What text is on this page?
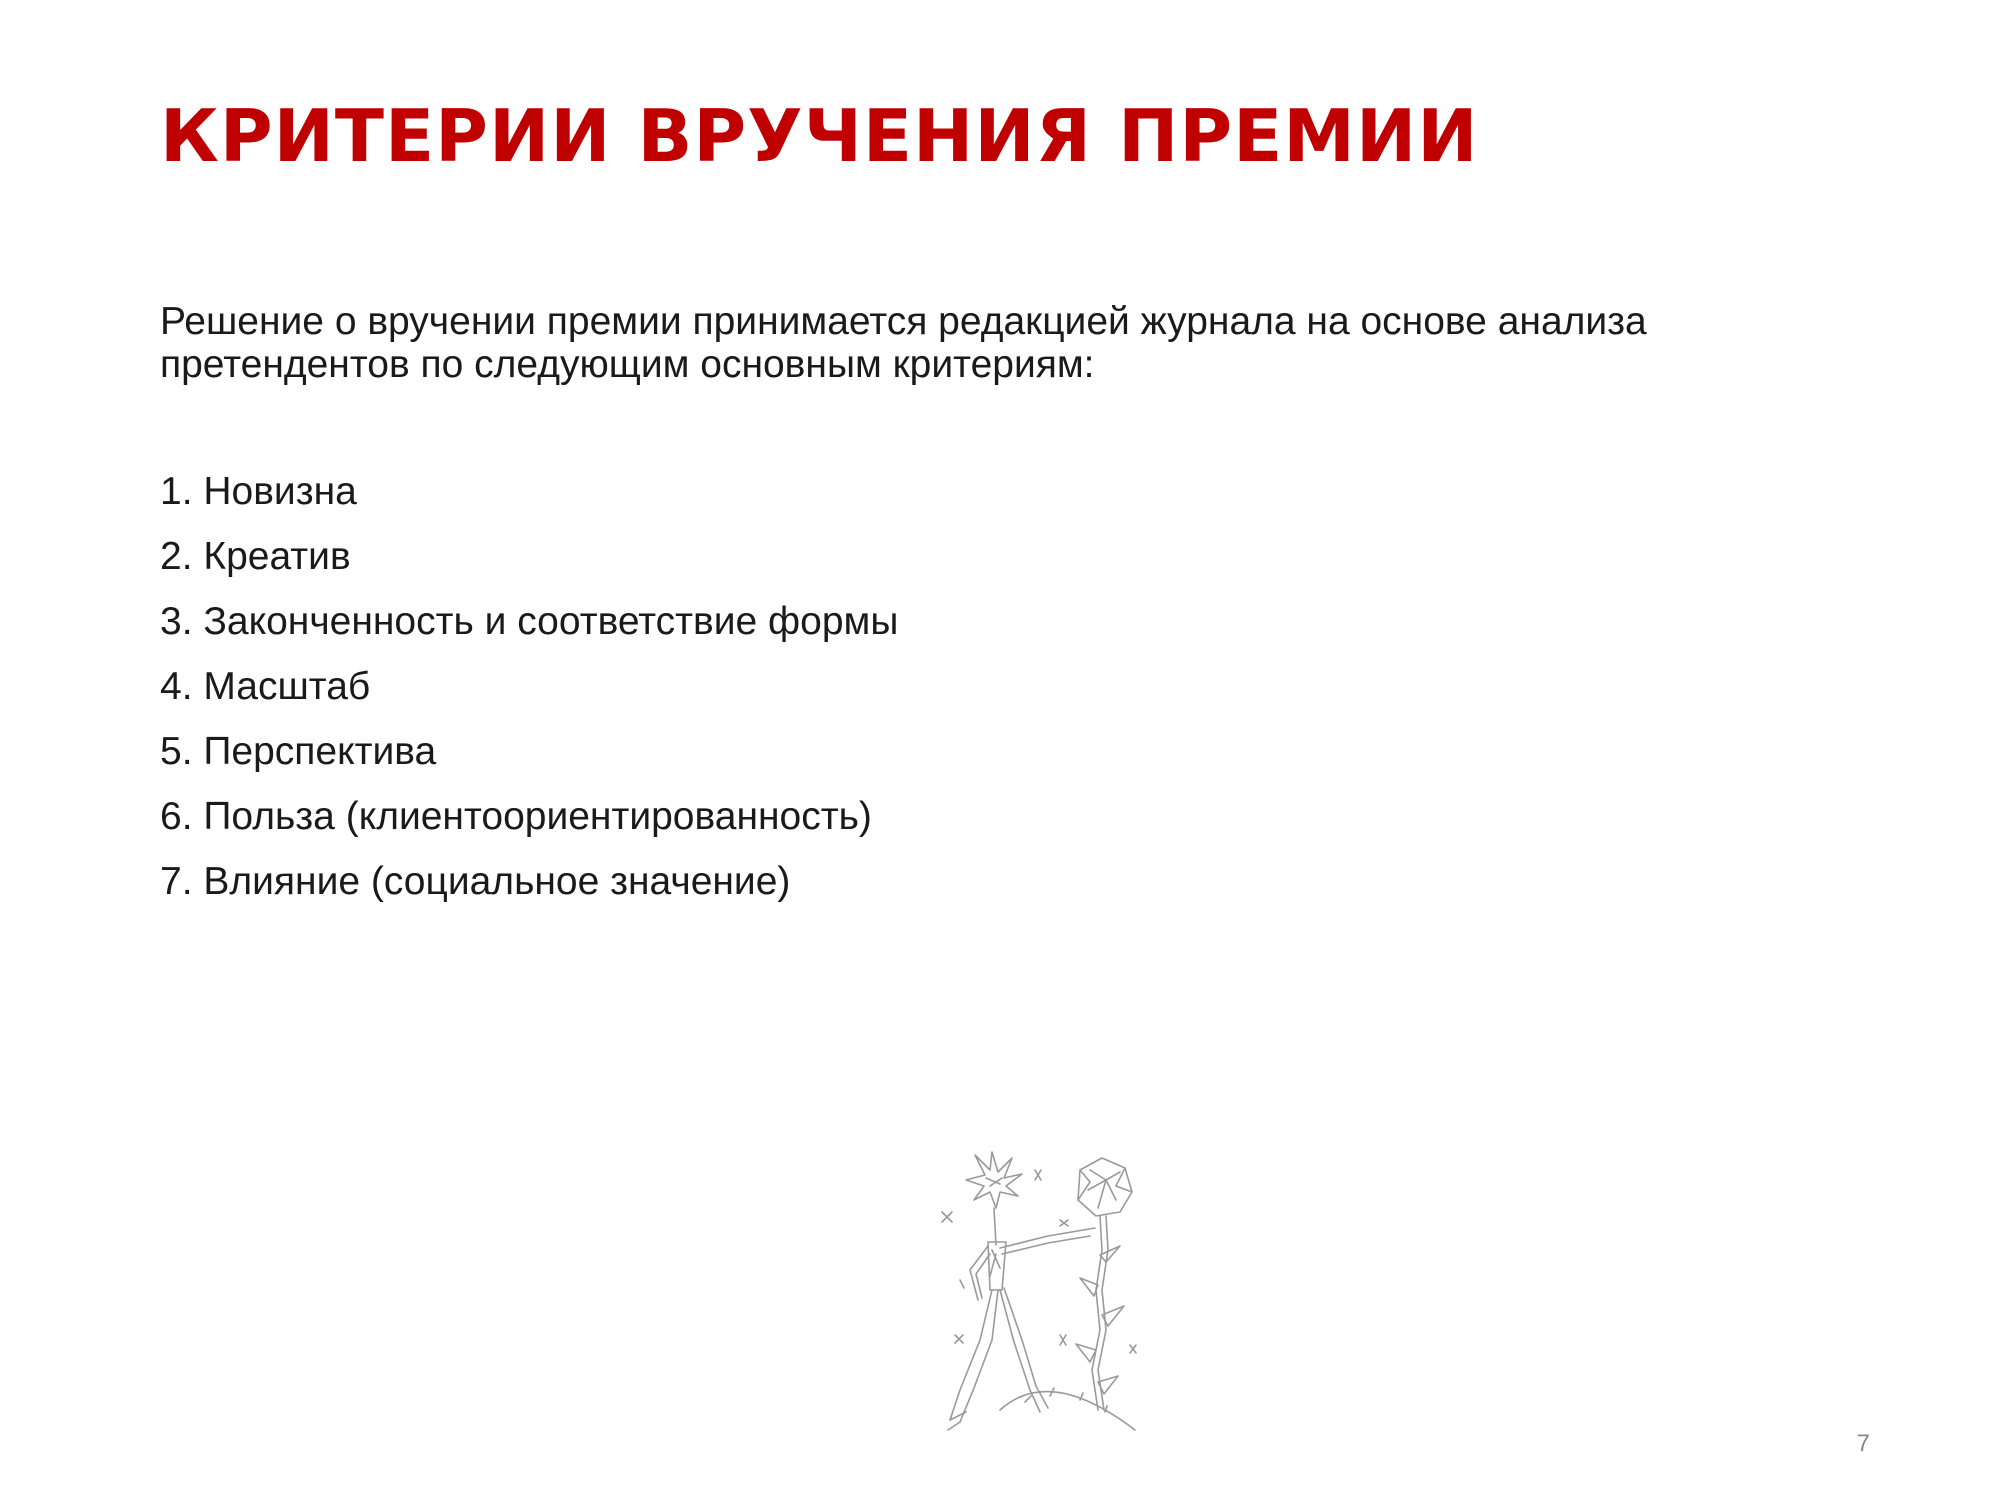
КРИТЕРИИ ВРУЧЕНИЯ ПРЕМИИ

Решение о вручении премии принимается редакцией журнала на основе анализа
претендентов по следующим основным критериям:

1. Новизна
2. Креатив
3. Законченность и соответствие формы
4. Масштаб
5. Перспектива
6. Польза (клиентоориентированность)
7. Влияние (социальное значение)
7
